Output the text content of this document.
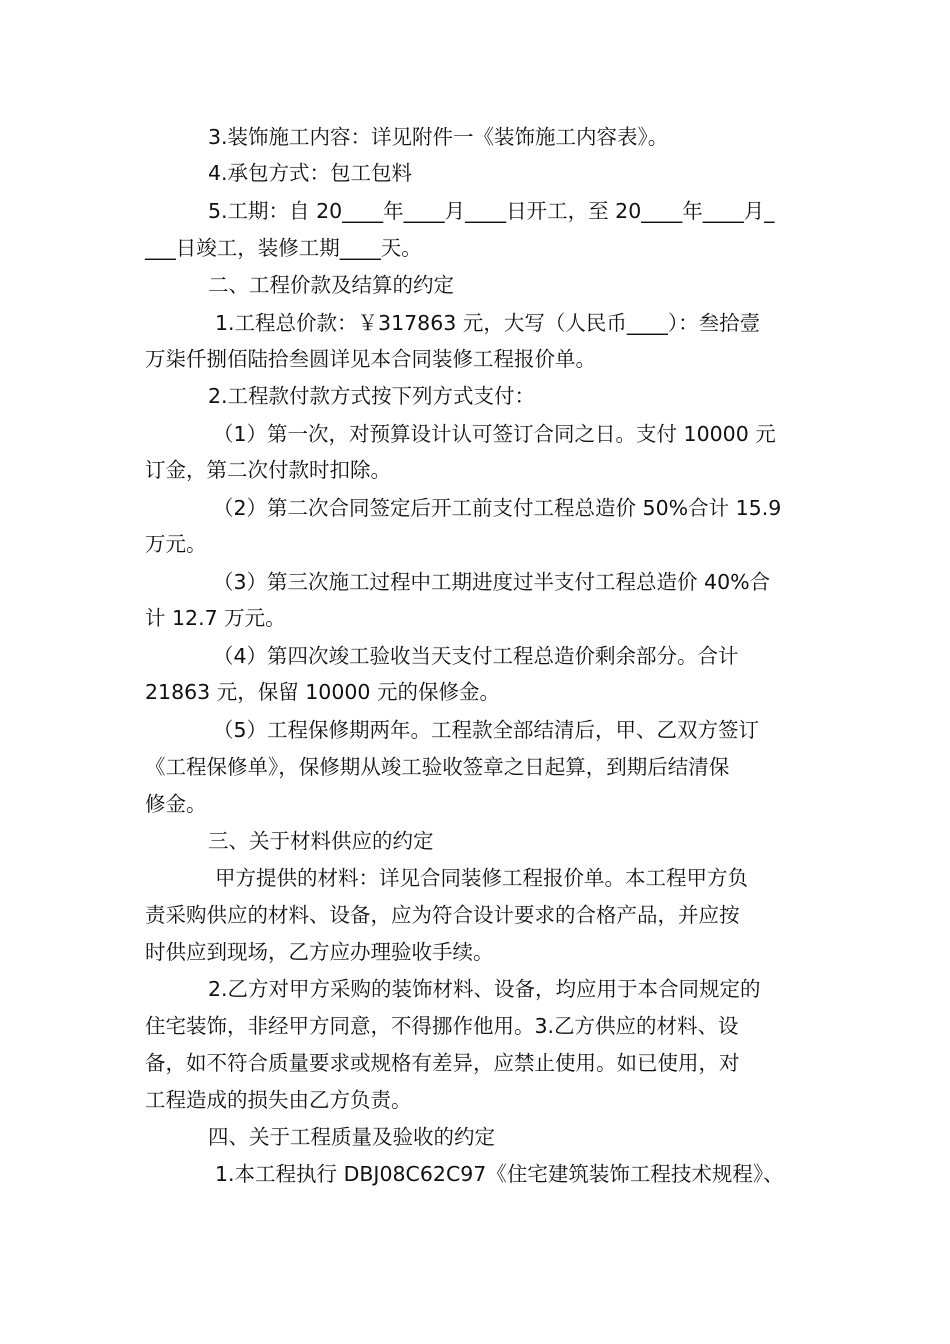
3.装饰施工内容：详见附件一《装饰施工内容表》。
4.承包方式：包工包料
5.工期：自 20____年____月____日开工，至 20____年____月_
___日竣工，装修工期____天。
二、工程价款及结算的约定
1.工程总价款：￥317863 元，大写（人民币____）：叁拾壹
万柒仟捌佰陆拾叁圆详见本合同装修工程报价单。
2.工程款付款方式按下列方式支付：
（1）第一次，对预算设计认可签订合同之日。支付 10000 元
订金，第二次付款时扣除。
（2）第二次合同签定后开工前支付工程总造价 50%合计 15.9
万元。
（3）第三次施工过程中工期进度过半支付工程总造价 40%合
计 12.7 万元。
（4）第四次竣工验收当天支付工程总造价剩余部分。合计
21863 元，保留 10000 元的保修金。
（5）工程保修期两年。工程款全部结清后，甲、乙双方签订
《工程保修单》，保修期从竣工验收签章之日起算，到期后结清保
修金。
三、关于材料供应的约定
甲方提供的材料：详见合同装修工程报价单。本工程甲方负
责采购供应的材料、设备，应为符合设计要求的合格产品，并应按
时供应到现场，乙方应办理验收手续。
2.乙方对甲方采购的装饰材料、设备，均应用于本合同规定的
住宅装饰，非经甲方同意，不得挪作他用。3.乙方供应的材料、设
备，如不符合质量要求或规格有差异，应禁止使用。如已使用，对
工程造成的损失由乙方负责。
四、关于工程质量及验收的约定
1.本工程执行 DBJ08C62C97《住宅建筑装饰工程技术规程》、
